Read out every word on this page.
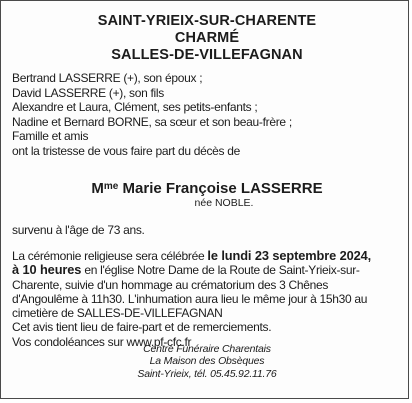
SAINT-YRIEIX-SUR-CHARENTE
CHARMÉ
SALLES-DE-VILLEFAGNAN
Bertrand LASSERRE (+), son époux ;
David LASSERRE (+), son fils
Alexandre et Laura, Clément, ses petits-enfants ;
Nadine et Bernard BORNE, sa sœur et son beau-frère ;
Famille et amis
ont la tristesse de vous faire part du décès de
$M^{me}$ Marie Françoise LASSERRE
née NOBLE.
survenu à l'âge de 73 ans.
La cérémonie religieuse sera célébrée le lundi 23 septembre 2024,
à 10 heures en l'église Notre Dame de la Route de Saint-Yrieix-sur-
Charente, suivie d'un hommage au crématorium des 3 Chênes
d'Angoulême à 11h30. L'inhumation aura lieu le même jour à 15h30 au
cimetière de SALLES-DE-VILLEFAGNAN
Cet avis tient lieu de faire-part et de remerciements.
Vos condoléances sur www.pf-cfc.fr
Centre Funéraire Charentais
La Maison des Obsèques
Saint-Yrieix, tél. 05.45.92.11.76
